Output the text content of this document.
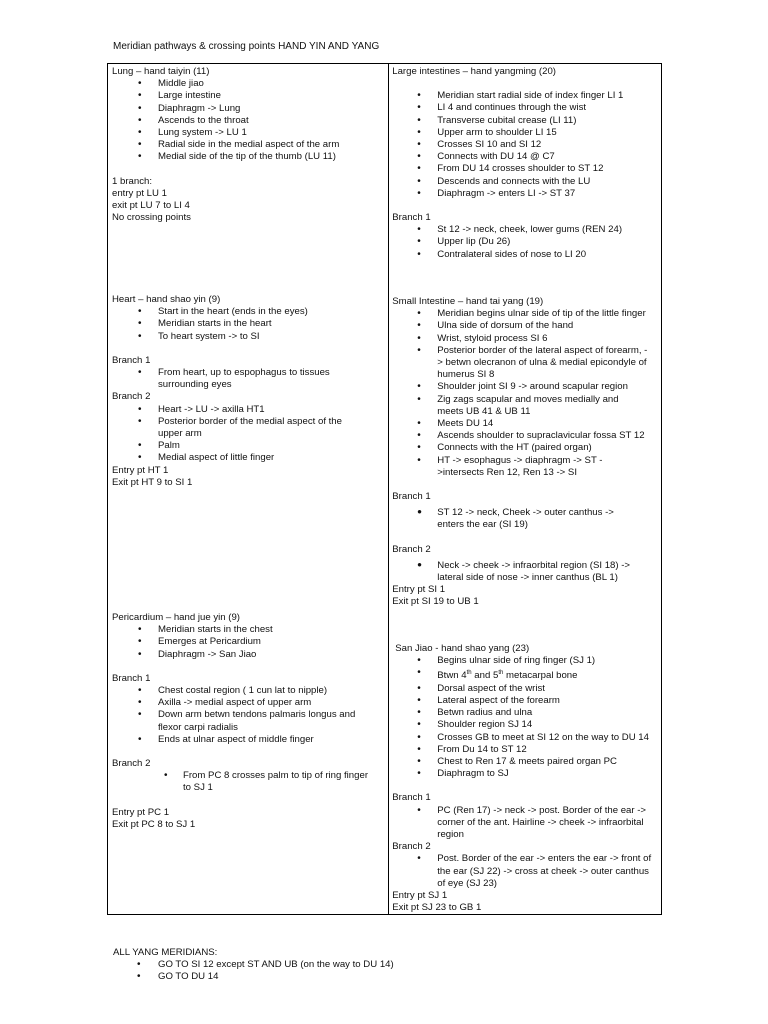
Meridian pathways & crossing points HAND YIN AND YANG
Lung – hand taiyin (11)
• Middle jiao
• Large intestine
• Diaphragm -> Lung
• Ascends to the throat
• Lung system -> LU 1
• Radial side in the medial aspect of the arm
• Medial side of the tip of the thumb (LU 11)
1 branch:
entry pt LU 1
exit pt LU 7 to LI 4
No crossing points
Heart – hand shao yin (9)
• Start in the heart (ends in the eyes)
• Meridian starts in the heart
• To heart system -> to SI
Branch 1
• From heart, up to espophagus to tissues surrounding eyes
Branch 2
• Heart -> LU -> axilla HT1
• Posterior border of the medial aspect of the upper arm
• Palm
• Medial aspect of little finger
Entry pt HT 1
Exit pt HT 9 to SI 1
Pericardium – hand jue yin (9)
• Meridian starts in the chest
• Emerges at Pericardium
• Diaphragm -> San Jiao
Branch 1
• Chest costal region ( 1 cun lat to nipple)
• Axilla -> medial aspect of upper arm
• Down arm betwn tendons palmaris longus and flexor carpi radialis
• Ends at ulnar aspect of middle finger
Branch 2
• From PC 8 crosses palm to tip of ring finger to SJ 1
Entry pt PC 1
Exit pt PC 8 to SJ 1

Large intestines – hand yangming (20)
• Meridian start radial side of index finger LI 1
• LI 4 and continues through the wist
• Transverse cubital crease (LI 11)
• Upper arm to shoulder LI 15
• Crosses SI 10 and SI 12
• Connects with DU 14 @ C7
• From DU 14 crosses shoulder to ST 12
• Descends and connects with the LU
• Diaphragm -> enters LI -> ST 37
Branch 1
• St 12 -> neck, cheek, lower gums (REN 24)
• Upper lip (Du 26)
• Contralateral sides of nose to LI 20
Small Intestine – hand tai yang (19)
• Meridian begins ulnar side of tip of the little finger
• Ulna side of dorsum of the hand
• Wrist, styloid process SI 6
• Posterior border of the lateral aspect of forearm, -> betwn olecranon of ulna & medial epicondyle of humerus SI 8
• Shoulder joint SI 9 -> around scapular region
• Zig zags scapular and moves medially and meets UB 41 & UB 11
• Meets DU 14
• Ascends shoulder to supraclavicular fossa ST 12
• Connects with the HT (paired organ)
• HT -> esophagus -> diaphragm -> ST ->intersects Ren 12, Ren 13 -> SI
Branch 1
• ST 12 -> neck, Cheek -> outer canthus -> enters the ear (SI 19)
Branch 2
• Neck -> cheek -> infraorbital region (SI 18) -> lateral side of nose -> inner canthus (BL 1)
Entry pt SI 1
Exit pt SI 19 to UB 1
San Jiao - hand shao yang (23)
• Begins ulnar side of ring finger (SJ 1)
• Btwn 4th and 5th metacarpal bone
• Dorsal aspect of the wrist
• Lateral aspect of the forearm
• Betwn radius and ulna
• Shoulder region SJ 14
• Crosses GB to meet at SI 12 on the way to DU 14
• From Du 14 to ST 12
• Chest to Ren 17 & meets paired organ PC
• Diaphragm to SJ
Branch 1
• PC (Ren 17) -> neck -> post. Border of the ear -> corner of the ant. Hairline -> cheek -> infraorbital region
Branch 2
• Post. Border of the ear -> enters the ear -> front of the ear (SJ 22) -> cross at cheek -> outer canthus of eye (SJ 23)
Entry pt SJ 1
Exit pt SJ 23 to GB 1
ALL YANG MERIDIANS:
• GO TO SI 12 except ST AND UB (on the way to DU 14)
• GO TO DU 14
